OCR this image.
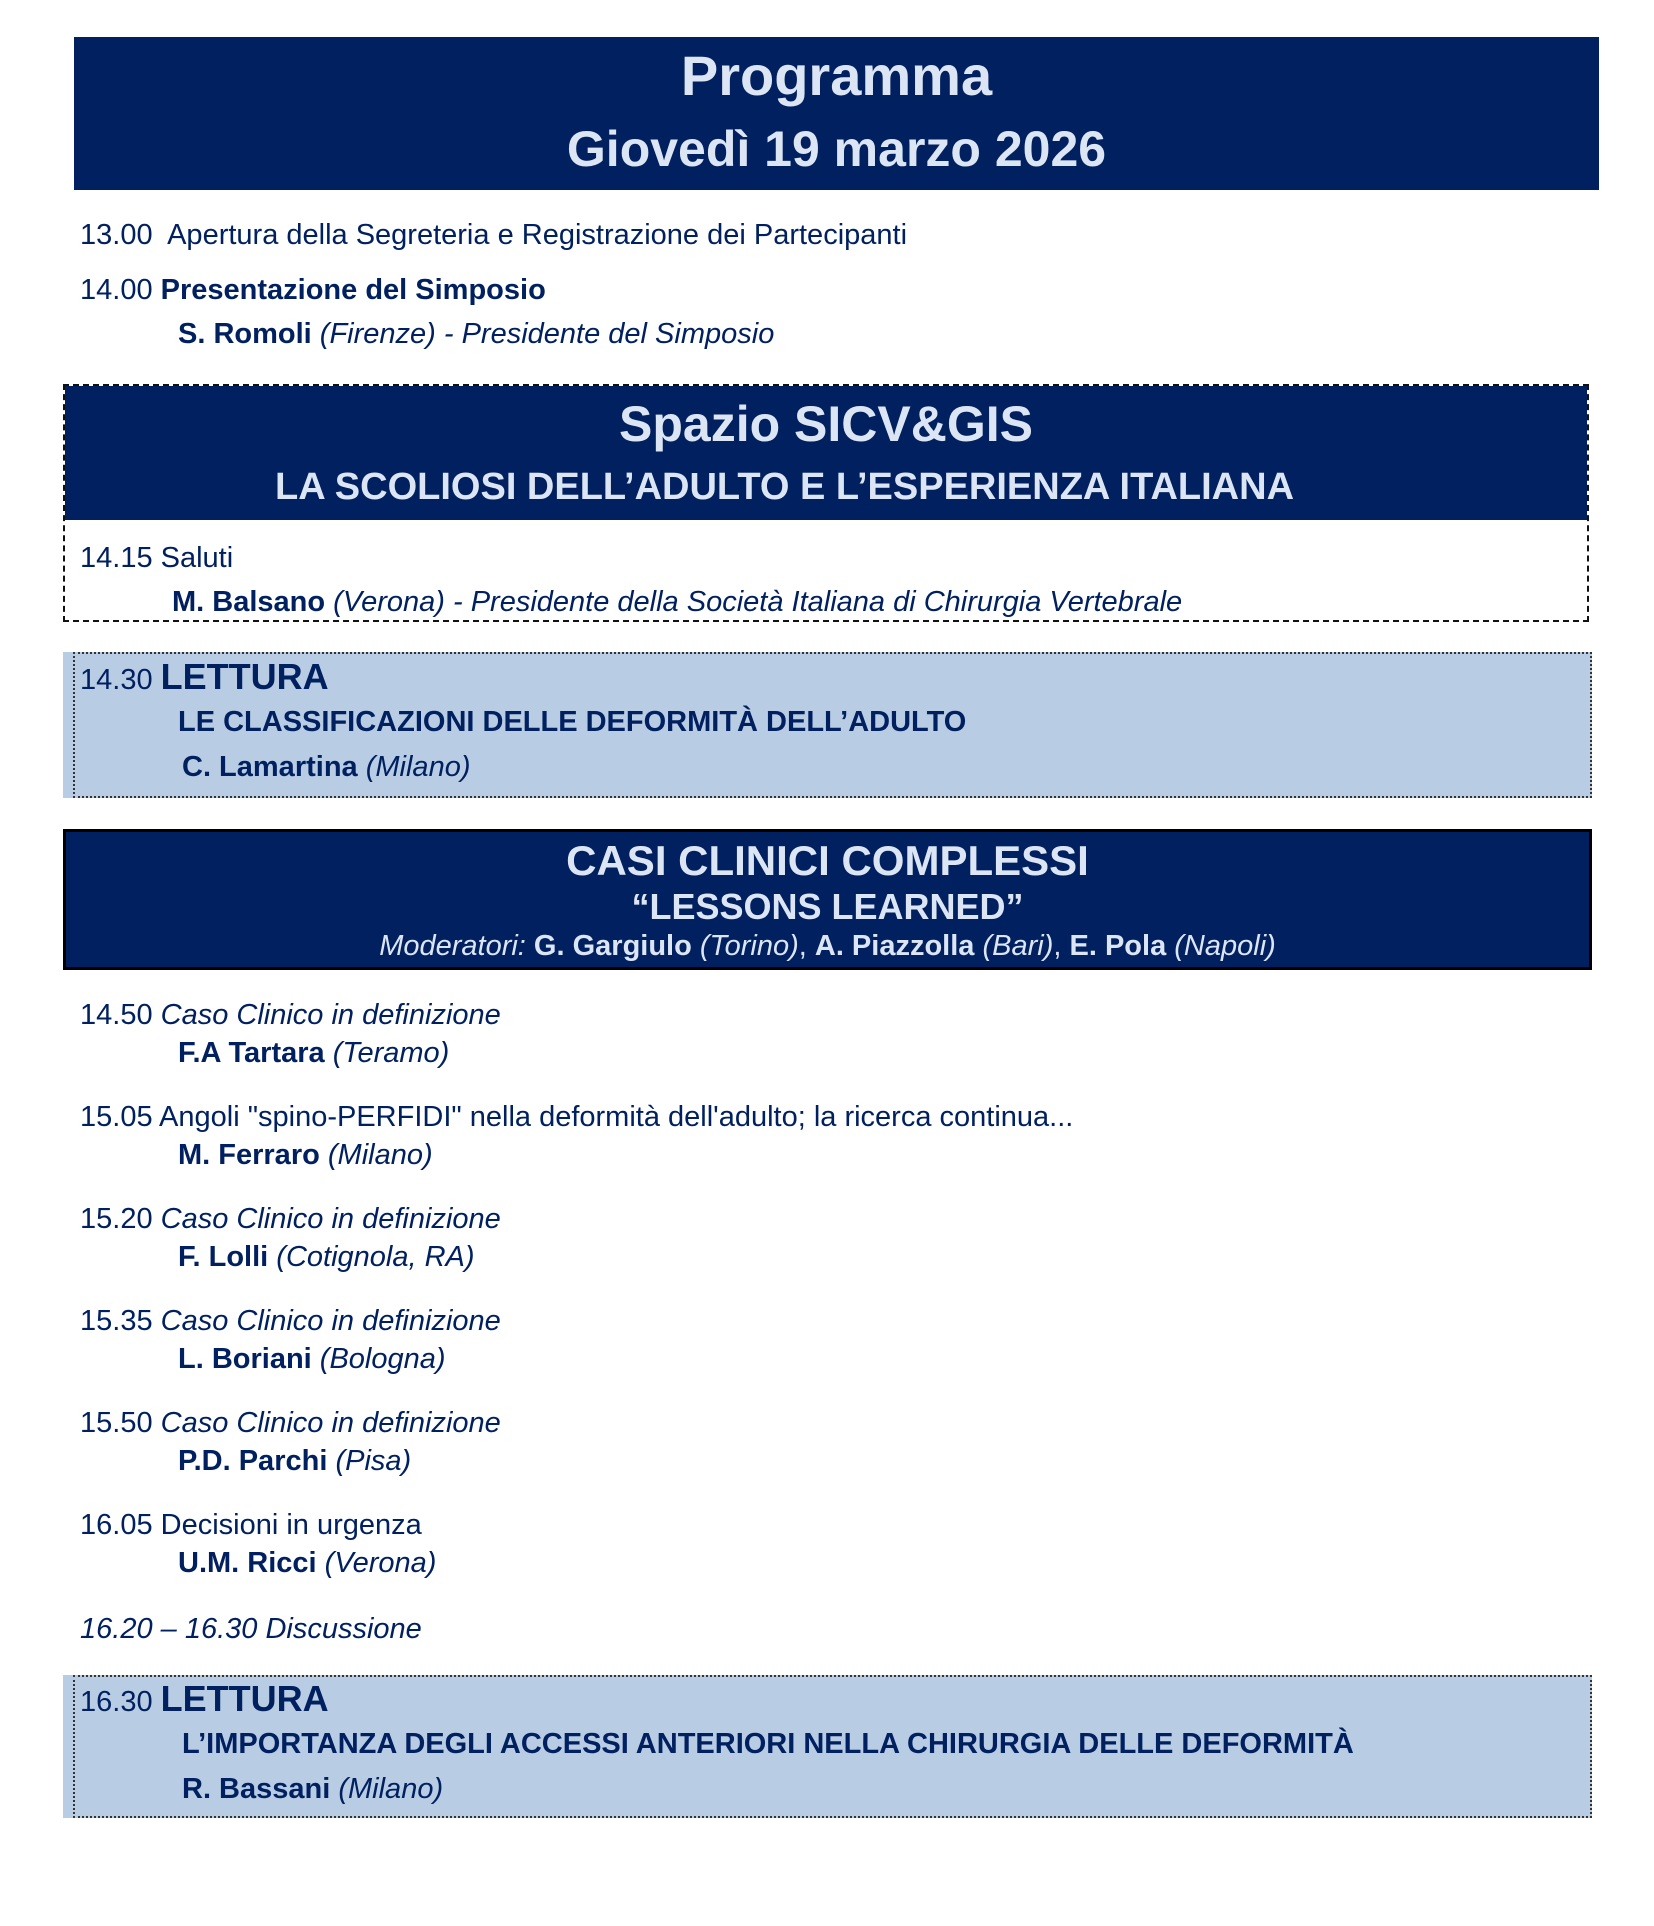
Programma
Giovedì 19 marzo 2026
13.00 Apertura della Segreteria e Registrazione dei Partecipanti
14.00 Presentazione del Simposio
S. Romoli (Firenze) - Presidente del Simposio
Spazio SICV&GIS
LA SCOLIOSI DELL’ADULTO E L’ESPERIENZA ITALIANA
14.15 Saluti
M. Balsano (Verona) - Presidente della Società Italiana di Chirurgia Vertebrale
14.30 LETTURA
LE CLASSIFICAZIONI DELLE DEFORMITÀ DELL’ADULTO
C. Lamartina (Milano)
CASI CLINICI COMPLESSI
“LESSONS LEARNED”
Moderatori: G. Gargiulo (Torino), A. Piazzolla (Bari), E. Pola (Napoli)
14.50 Caso Clinico in definizione
F.A Tartara (Teramo)
15.05 Angoli "spino-PERFIDI" nella deformità dell'adulto; la ricerca continua...
M. Ferraro (Milano)
15.20 Caso Clinico in definizione
F. Lolli (Cotignola, RA)
15.35 Caso Clinico in definizione
L. Boriani (Bologna)
15.50 Caso Clinico in definizione
P.D. Parchi (Pisa)
16.05 Decisioni in urgenza
U.M. Ricci (Verona)
16.20 – 16.30 Discussione
16.30 LETTURA
L’IMPORTANZA DEGLI ACCESSI ANTERIORI NELLA CHIRURGIA DELLE DEFORMITÀ
R. Bassani (Milano)
